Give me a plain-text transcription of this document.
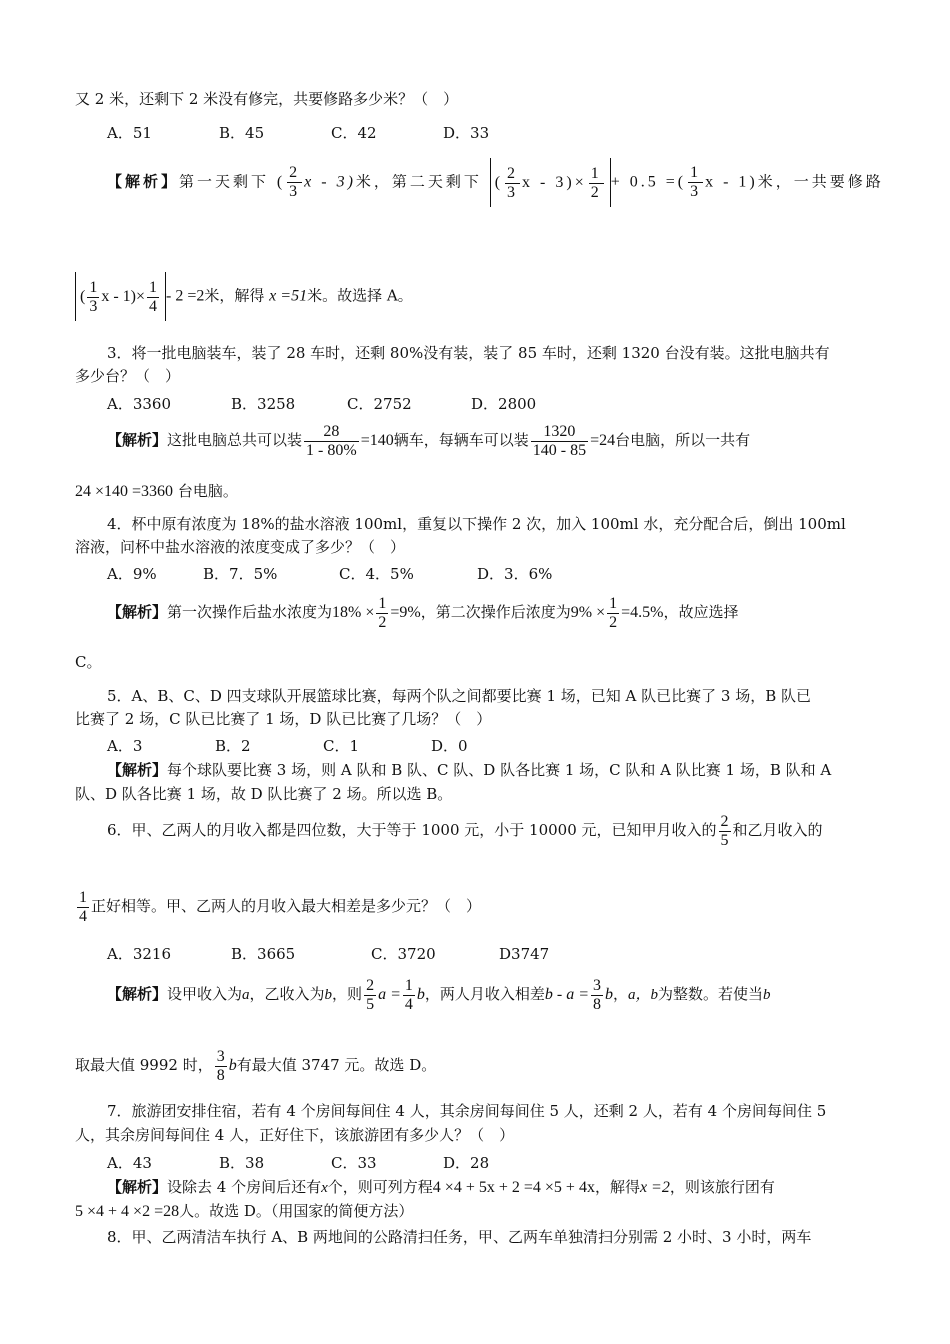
又 2 米，还剩下 2 米没有修完，共要修路多少米？（　）
A．51	B．45	C．42	D．33
【解析】第一天剩下 ( $\frac{2}{3}$ x - 3)米，第二天剩下 ( $\frac{2}{3}$ $x - 3)\times \frac{1}{2} + 0.5$ =( $\frac{1}{3}$ x - 1)米，一共要修路
( $\frac{1}{3}$ $x - 1)\times \frac{1}{4} - 2 =2$米，解得 x =51米。故选择 A。
3．将一批电脑装车，装了 28 车时，还剩 80%没有装，装了 85 车时，还剩 1320 台没有装。这批电脑共有
多少台？（　）
A．3360	B．3258	C．2752	D．2800
【解析】这批电脑总共可以装 $\frac{28}{1 - 80\%} =140$辆车，每辆车可以装 $\frac{1320}{140 - 85} =24$台电脑，所以一共有
24 ×140 =3360 台电脑。
4．杯中原有浓度为 18%的盐水溶液 100ml，重复以下操作 2 次，加入 100ml 水，充分配合后，倒出 100ml
溶液，问杯中盐水溶液的浓度变成了多少？（　）
A．9%	B．7．5%	C．4．5%	D．3．6%
【解析】第一次操作后盐水浓度为$18\% \times \frac{1}{2} =9\%$，第二次操作后浓度为$9\% \times \frac{1}{2} =4.5\%$，故应选择
C。
5．A、B、C、D 四支球队开展篮球比赛，每两个队之间都要比赛 1 场，已知 A 队已比赛了 3 场，B 队已
比赛了 2 场，C 队已比赛了 1 场，D 队已比赛了几场？（　）
A．3	B．2	C．1	D．0
【解析】每个球队要比赛 3 场，则 A 队和 B 队、C 队、D 队各比赛 1 场，C 队和 A 队比赛 1 场，B 队和 A
队、D 队各比赛 1 场，故 D 队比赛了 2 场。所以选 B。
6．甲、乙两人的月收入都是四位数，大于等于 1000 元，小于 10000 元，已知甲月收入的 $\frac{2}{5}$ 和乙月收入的
$\frac{1}{4}$ 正好相等。甲、乙两人的月收入最大相差是多少元？（　）
A．3216	B．3665	C．3720	D3747
【解析】设甲收入为a，乙收入为b，则 $\frac{2}{5}$ $a = \frac{1}{4}$ b，两人月收入相差$b - a = \frac{3}{8}$ b，a，b为整数。若使当b
取最大值 9992 时， $\frac{3}{8}$ b有最大值 3747 元。故选 D。
7．旅游团安排住宿，若有 4 个房间每间住 4 人，其余房间每间住 5 人，还剩 2 人，若有 4 个房间每间住 5
人，其余房间每间住 4 人，正好住下，该旅游团有多少人？（　）
A．43	B．38	C．33	D．28
【解析】设除去 4 个房间后还有x个，则可列方程4 ×4 + 5x + 2 =4 ×5 + 4x，解得x =2，则该旅行团有
5 ×4 + 4 ×2 =28人。故选 D。（用国家的简便方法）
8．甲、乙两清洁车执行 A、B 两地间的公路清扫任务，甲、乙两车单独清扫分别需 2 小时、3 小时，两车
